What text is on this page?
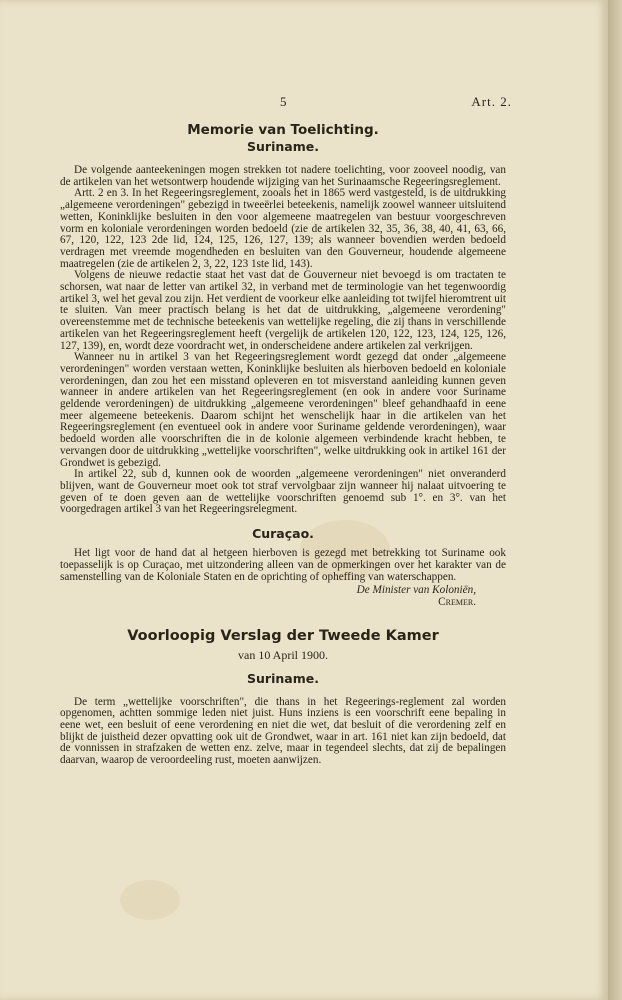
5	Art. 2.
Memorie van Toelichting.
Suriname.

De volgende aanteekeningen mogen strekken tot nadere toelichting, voor zooveel noodig, van de artikelen van het wetsontwerp houdende wijziging van het Surinaamsche Regeeringsreglement.

Artt. 2 en 3. In het Regeeringsreglement, zooals het in 1865 werd vastgesteld, is de uitdrukking „algemeene verordeningen" gebezigd in tweeërlei beteekenis, namelijk zoowel wanneer uitsluitend wetten, Koninklijke besluiten in den voor algemeene maatregelen van bestuur voorgeschreven vorm en koloniale verordeningen worden bedoeld (zie de artikelen 32, 35, 36, 38, 40, 41, 63, 66, 67, 120, 122, 123 2de lid, 124, 125, 126, 127, 139; als wanneer bovendien werden bedoeld verdragen met vreemde mogendheden en besluiten van den Gouverneur, houdende algemeene maatregelen (zie de artikelen 2, 3, 22, 123 1ste lid, 143).

Volgens de nieuwe redactie staat het vast dat de Gouverneur niet bevoegd is om tractaten te schorsen, wat naar de letter van artikel 32, in verband met de terminologie van het tegenwoordig artikel 3, wel het geval zou zijn. Het verdient de voorkeur elke aanleiding tot twijfel hieromtrent uit te sluiten. Van meer practisch belang is het dat de uitdrukking, „algemeene verordening" overeenstemme met de technische beteekenis van wettelijke regeling, die zij thans in verschillende artikelen van het Regeeringsreglement heeft (vergelijk de artikelen 120, 122, 123, 124, 125, 126, 127, 139), en, wordt deze voordracht wet, in onderscheidene andere artikelen zal verkrijgen.

Wanneer nu in artikel 3 van het Regeeringsreglement wordt gezegd dat onder „algemeene verordeningen" worden verstaan wetten, Koninklijke besluiten als hierboven bedoeld en koloniale verordeningen, dan zou het een misstand opleveren en tot misverstand aanleiding kunnen geven wanneer in andere artikelen van het Regeeringsreglement (en ook in andere voor Suriname geldende verordeningen) de uitdrukking „algemeene verordeningen" bleef gehandhaafd in eene meer algemeene beteekenis. Daarom schijnt het wenschelijk haar in die artikelen van het Regeeringsreglement (en eventueel ook in andere voor Suriname geldende verordeningen), waar bedoeld worden alle voorschriften die in de kolonie algemeen verbindende kracht hebben, te vervangen door de uitdrukking „wettelijke voorschriften", welke uitdrukking ook in artikel 161 der Grondwet is gebezigd.

In artikel 22, sub d, kunnen ook de woorden „algemeene verordeningen" niet onveranderd blijven, want de Gouverneur moet ook tot straf vervolgbaar zijn wanneer hij nalaat uitvoering te geven of te doen geven aan de wettelijke voorschriften genoemd sub 1°. en 3°. van het voorgedragen artikel 3 van het Regeeringsrelegment.

Curaçao.

Het ligt voor de hand dat al hetgeen hierboven is gezegd met betrekking tot Suriname ook toepasselijk is op Curaçao, met uitzondering alleen van de opmerkingen over het karakter van de samenstelling van de Koloniale Staten en de oprichting of opheffing van waterschappen.

De Minister van Koloniën,
Cremer.
Voorloopig Verslag der Tweede Kamer
van 10 April 1900.
Suriname.

De term „wettelijke voorschriften", die thans in het Regeerings-reglement zal worden opgenomen, achtten sommige leden niet juist. Huns inziens is een voorschrift eene bepaling in eene wet, een besluit of eene verordening en niet die wet, dat besluit of die verordening zelf en blijkt de juistheid dezer opvatting ook uit de Grondwet, waar in art. 161 niet kan zijn bedoeld, dat de vonnissen in strafzaken de wetten enz. zelve, maar in tegendeel slechts, dat zij de bepalingen daarvan, waarop de veroordeeling rust, moeten aanwijzen.
